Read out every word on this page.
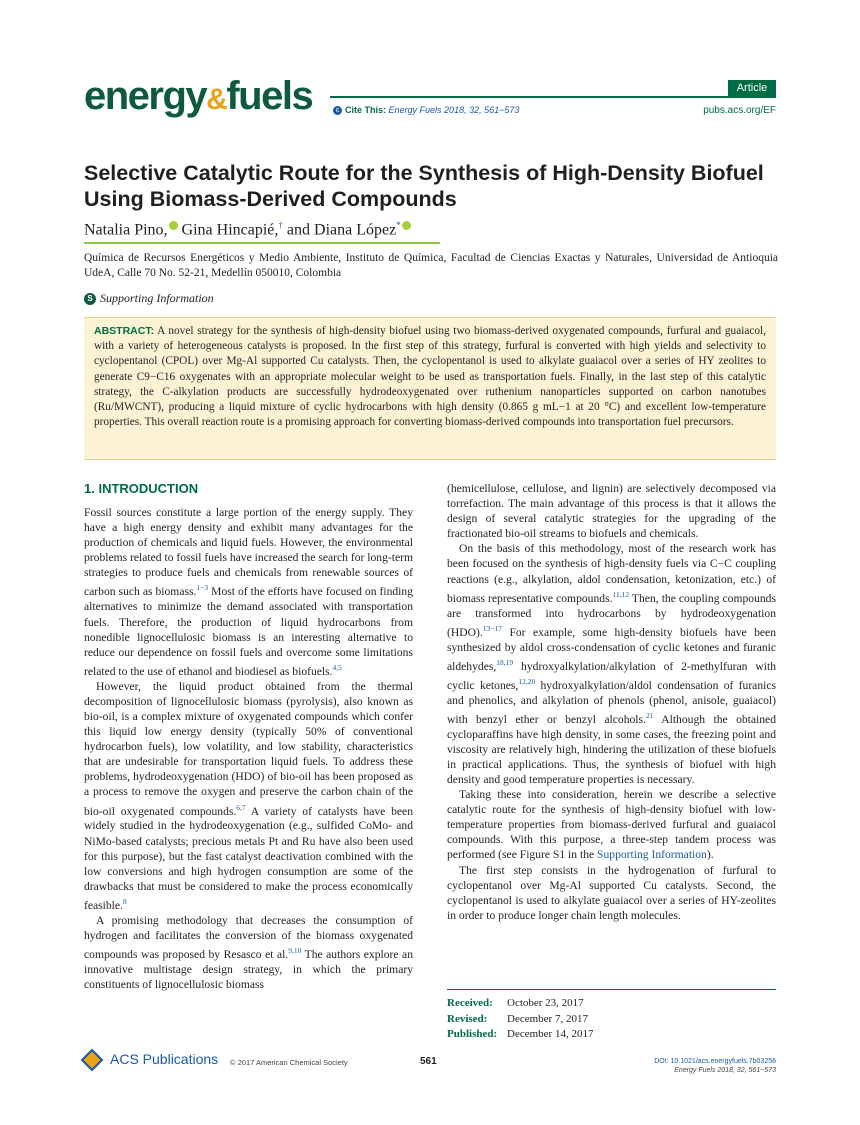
energy&fuels	Article
c Cite This: Energy Fuels 2018, 32, 561−573	pubs.acs.org/EF
Selective Catalytic Route for the Synthesis of High-Density Biofuel Using Biomass-Derived Compounds
Natalia Pino, Gina Hincapié,† and Diana López*
Química de Recursos Energéticos y Medio Ambiente, Instituto de Química, Facultad de Ciencias Exactas y Naturales, Universidad de Antioquia UdeA, Calle 70 No. 52-21, Medellín 050010, Colombia
S Supporting Information
ABSTRACT: A novel strategy for the synthesis of high-density biofuel using two biomass-derived oxygenated compounds, furfural and guaiacol, with a variety of heterogeneous catalysts is proposed. In the first step of this strategy, furfural is converted with high yields and selectivity to cyclopentanol (CPOL) over Mg-Al supported Cu catalysts. Then, the cyclopentanol is used to alkylate guaiacol over a series of HY zeolites to generate C9−C16 oxygenates with an appropriate molecular weight to be used as transportation fuels. Finally, in the last step of this catalytic strategy, the C-alkylation products are successfully hydrodeoxygenated over ruthenium nanoparticles supported on carbon nanotubes (Ru/MWCNT), producing a liquid mixture of cyclic hydrocarbons with high density (0.865 g mL−1 at 20 °C) and excellent low-temperature properties. This overall reaction route is a promising approach for converting biomass-derived compounds into transportation fuel precursors.
1. INTRODUCTION

Fossil sources constitute a large portion of the energy supply. They have a high energy density and exhibit many advantages for the production of chemicals and liquid fuels. However, the environmental problems related to fossil fuels have increased the search for long-term strategies to produce fuels and chemicals from renewable sources of carbon such as biomass.$^{1-3}$ Most of the efforts have focused on finding alternatives to minimize the demand associated with transportation fuels. Therefore, the production of liquid hydrocarbons from nonedible lignocellulosic biomass is an interesting alternative to reduce our dependence on fossil fuels and overcome some limitations related to the use of ethanol and biodiesel as biofuels.$^{4,5}$

However, the liquid product obtained from the thermal decomposition of lignocellulosic biomass (pyrolysis), also known as bio-oil, is a complex mixture of oxygenated compounds which confer this liquid low energy density (typically 50% of conventional hydrocarbon fuels), low volatility, and low stability, characteristics that are undesirable for transportation liquid fuels. To address these problems, hydrodeoxygenation (HDO) of bio-oil has been proposed as a process to remove the oxygen and preserve the carbon chain of the bio-oil oxygenated compounds.$^{6,7}$ A variety of catalysts have been widely studied in the hydrodeoxygenation (e.g., sulfided CoMo- and NiMo-based catalysts; precious metals Pt and Ru have also been used for this purpose), but the fast catalyst deactivation combined with the low conversions and high hydrogen consumption are some of the drawbacks that must be considered to make the process economically feasible.$^8$

A promising methodology that decreases the consumption of hydrogen and facilitates the conversion of the biomass oxygenated compounds was proposed by Resasco et al.$^{9,10}$ The authors explore an innovative multistage design strategy, in which the primary constituents of lignocellulosic biomass

(hemicellulose, cellulose, and lignin) are selectively decomposed via torrefaction. The main advantage of this process is that it allows the design of several catalytic strategies for the upgrading of the fractionated bio-oil streams to biofuels and chemicals.

On the basis of this methodology, most of the research work has been focused on the synthesis of high-density fuels via C−C coupling reactions (e.g., alkylation, aldol condensation, ketonization, etc.) of biomass representative compounds.$^{11,12}$ Then, the coupling compounds are transformed into hydrocarbons by hydrodeoxygenation (HDO).$^{13-17}$ For example, some high-density biofuels have been synthesized by aldol cross-condensation of cyclic ketones and furanic aldehydes,$^{18,19}$ hydroxyalkylation/alkylation of 2-methylfuran with cyclic ketones,$^{12,20}$ hydroxyalkylation/aldol condensation of furanics and phenolics, and alkylation of phenols (phenol, anisole, guaiacol) with benzyl ether or benzyl alcohols.$^{21}$ Although the obtained cycloparaffins have high density, in some cases, the freezing point and viscosity are relatively high, hindering the utilization of these biofuels in practical applications. Thus, the synthesis of biofuel with high density and good temperature properties is necessary.

Taking these into consideration, herein we describe a selective catalytic route for the synthesis of high-density biofuel with low-temperature properties from biomass-derived furfural and guaiacol compounds. With this purpose, a three-step tandem process was performed (see Figure S1 in the Supporting Information).

The first step consists in the hydrogenation of furfural to cyclopentanol over Mg-Al supported Cu catalysts. Second, the cyclopentanol is used to alkylate guaiacol over a series of HY-zeolites in order to produce longer chain length molecules.

Received: October 23, 2017
Revised: December 7, 2017
Published: December 14, 2017
ACS Publications © 2017 American Chemical Society	561	DOI: 10.1021/acs.energyfuels.7b03256
Energy Fuels 2018, 32, 561−573
